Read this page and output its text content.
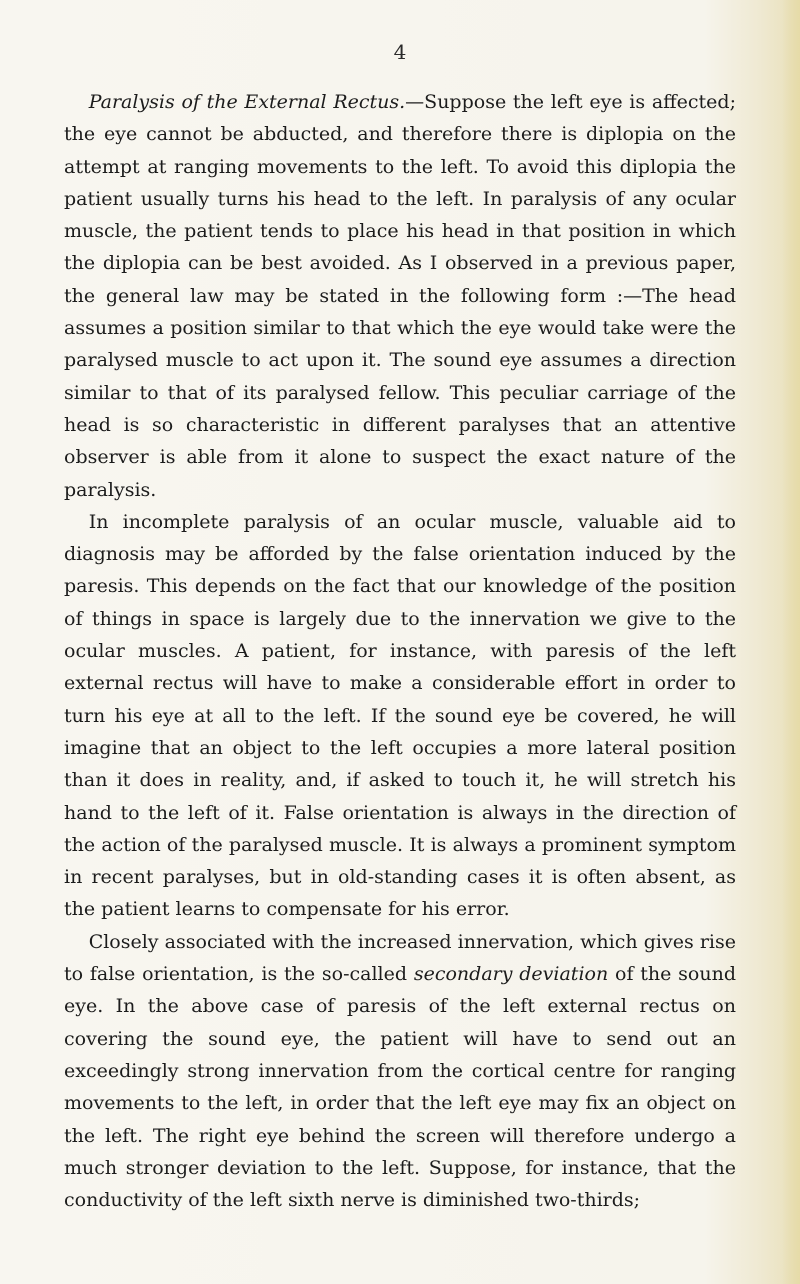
4

Paralysis of the External Rectus.—Suppose the left eye is affected; the eye cannot be abducted, and therefore there is diplopia on the attempt at ranging movements to the left. To avoid this diplopia the patient usually turns his head to the left. In paralysis of any ocular muscle, the patient tends to place his head in that position in which the diplopia can be best avoided. As I observed in a previous paper, the general law may be stated in the following form :—The head assumes a position similar to that which the eye would take were the paralysed muscle to act upon it. The sound eye assumes a direction similar to that of its paralysed fellow. This peculiar carriage of the head is so characteristic in different paralyses that an attentive observer is able from it alone to suspect the exact nature of the paralysis.

In incomplete paralysis of an ocular muscle, valuable aid to diagnosis may be afforded by the false orientation induced by the paresis. This depends on the fact that our knowledge of the position of things in space is largely due to the innervation we give to the ocular muscles. A patient, for instance, with paresis of the left external rectus will have to make a considerable effort in order to turn his eye at all to the left. If the sound eye be covered, he will imagine that an object to the left occupies a more lateral position than it does in reality, and, if asked to touch it, he will stretch his hand to the left of it. False orientation is always in the direction of the action of the paralysed muscle. It is always a prominent symptom in recent paralyses, but in old-standing cases it is often absent, as the patient learns to compensate for his error.

Closely associated with the increased innervation, which gives rise to false orientation, is the so-called secondary deviation of the sound eye. In the above case of paresis of the left external rectus on covering the sound eye, the patient will have to send out an exceedingly strong innervation from the cortical centre for ranging movements to the left, in order that the left eye may fix an object on the left. The right eye behind the screen will therefore undergo a much stronger deviation to the left. Suppose, for instance, that the conductivity of the left sixth nerve is diminished two-thirds;
